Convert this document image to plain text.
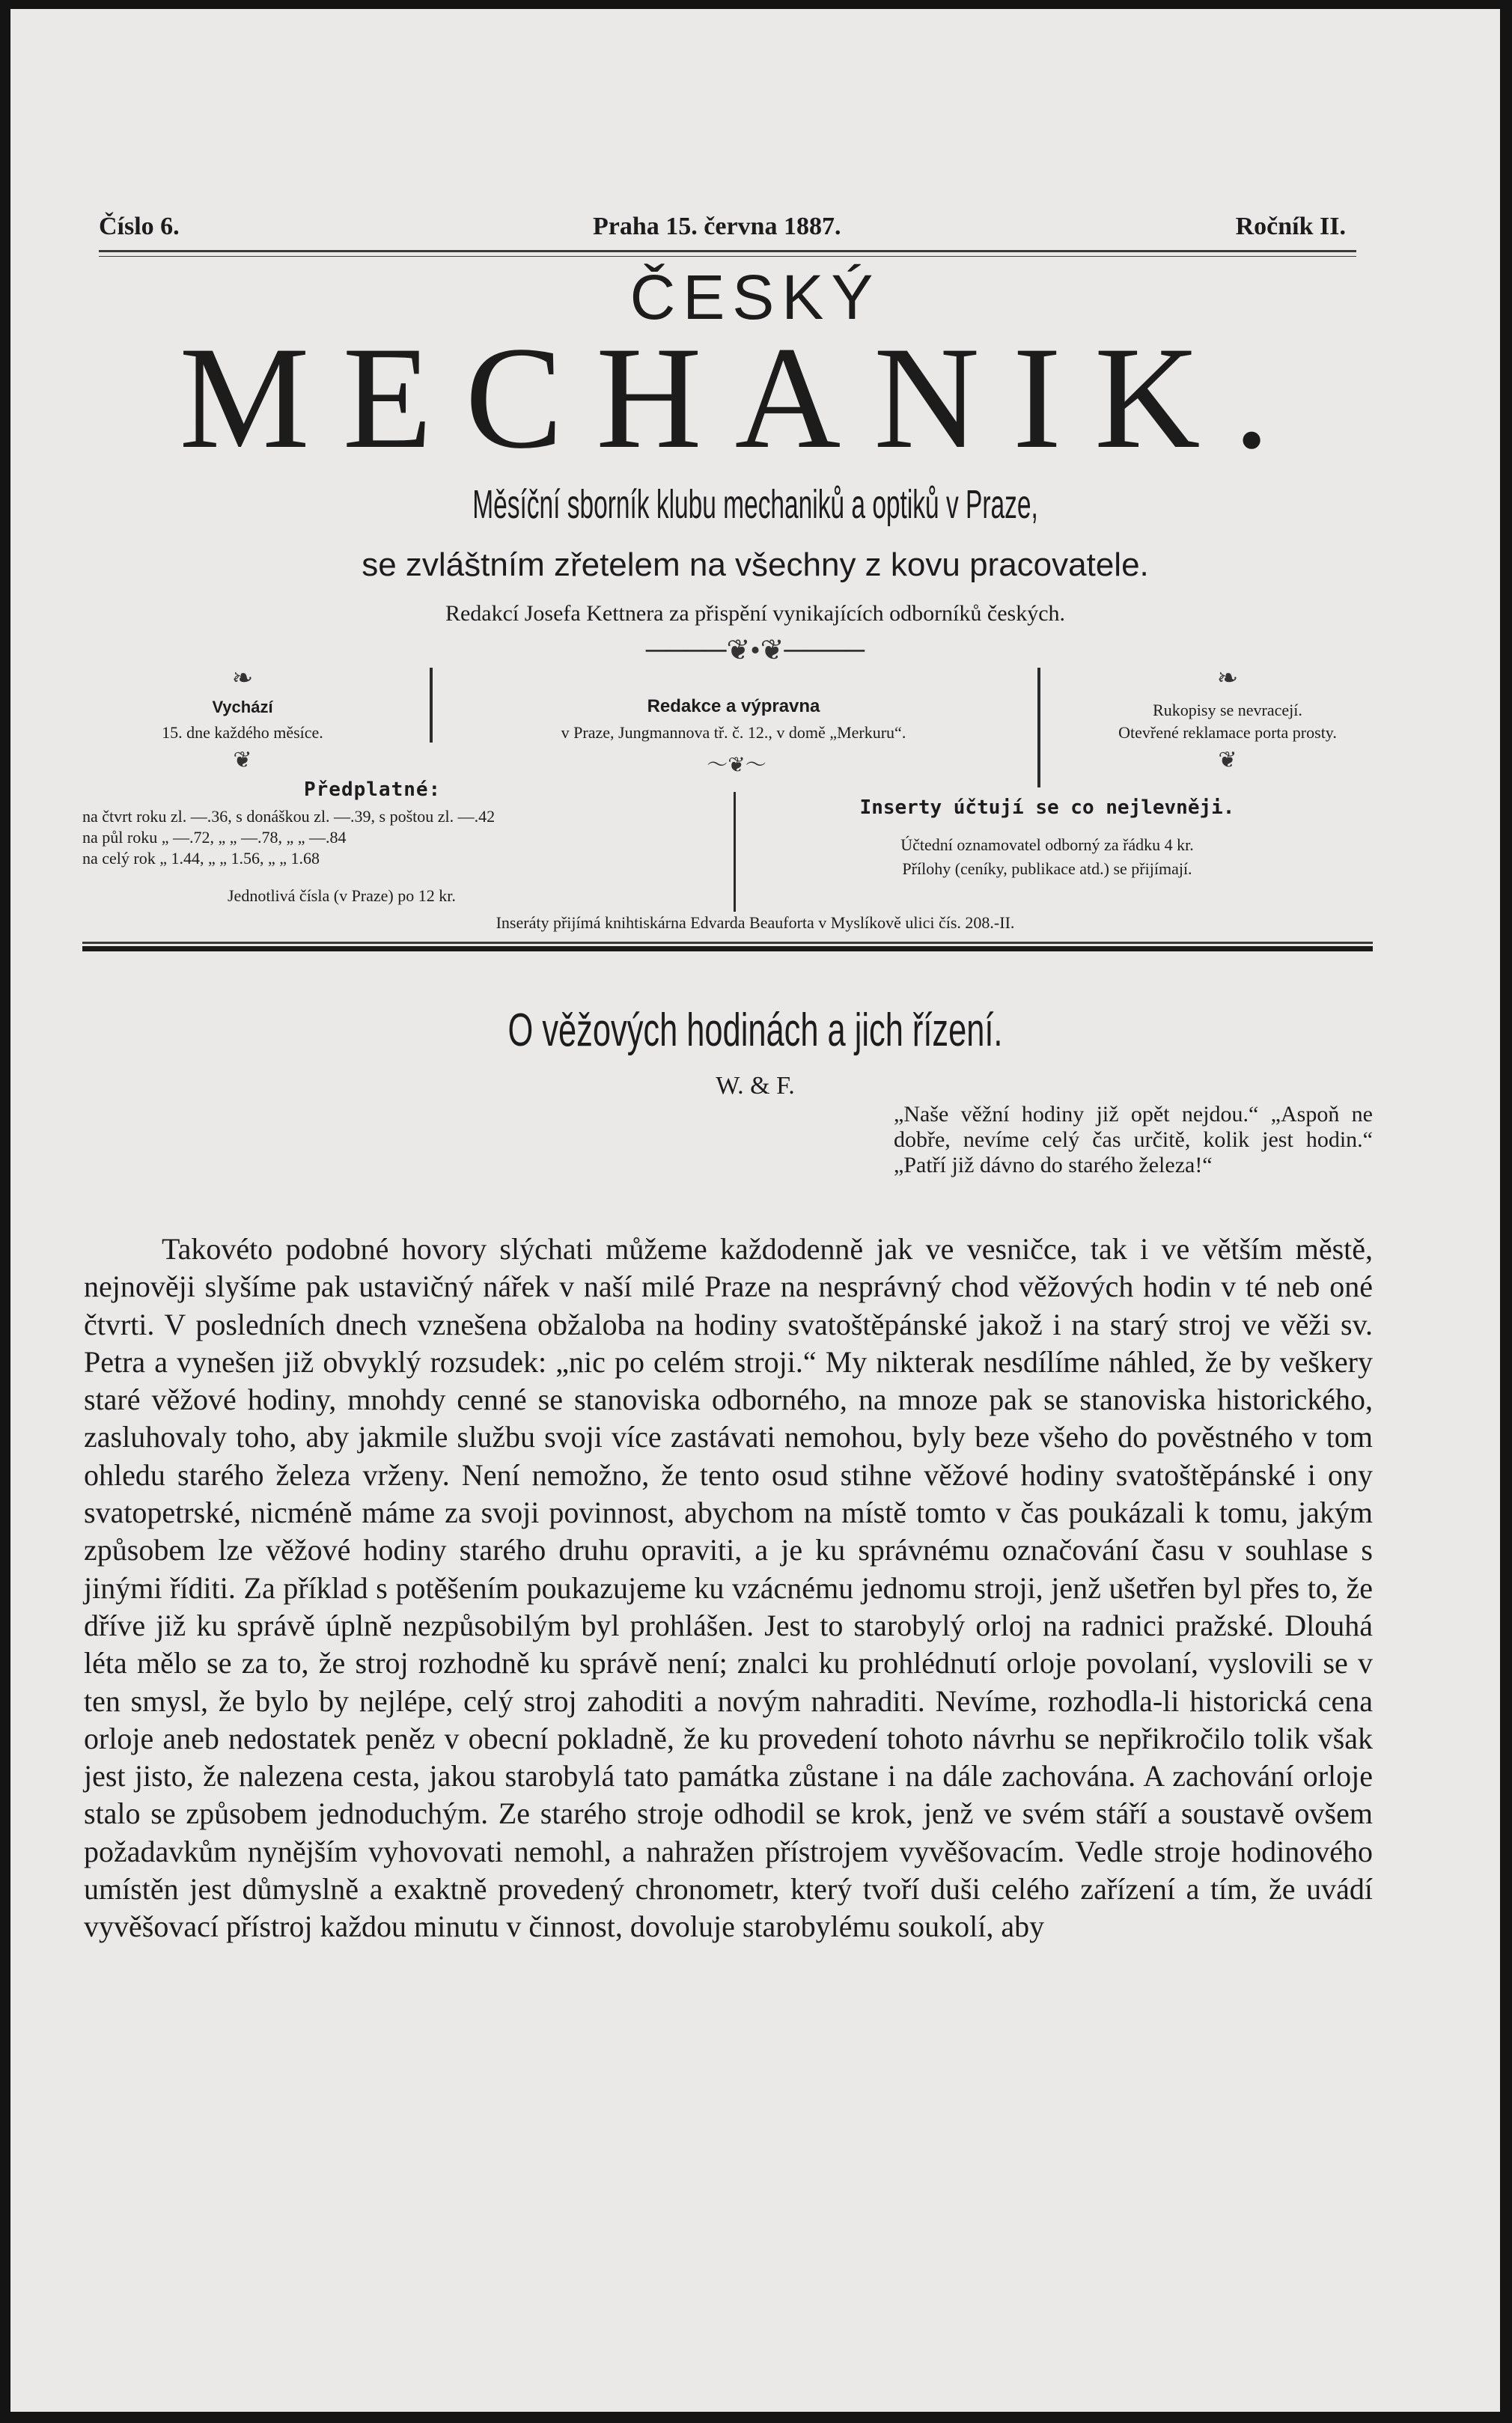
Číslo 6.	Praha 15. června 1887.	Ročník II.
ČESKÝ
MECHANIK.
Měsíční sborník klubu mechaniků a optiků v Praze,
se zvláštním zřetelem na všechny z kovu pracovatele.
Redakcí Josefa Kettnera za přispění vynikajících odborníků českých.
────❦•❦────
❧
Vychází
15. dne každého měsíce.
❦
Redakce a výpravna
v Praze, Jungmannova tř. č. 12., v domě „Merkuru“.
〜❦〜
❧
Rukopisy se nevracejí.
Otevřené reklamace porta prosty.
❦
Předplatné:
na čtvrt roku zl. —.36, s donáškou zl. —.39, s poštou zl. —.42
na půl roku „ —.72, „ „ —.78, „ „ —.84
na celý rok „ 1.44, „ „ 1.56, „ „ 1.68
Jednotlivá čísla (v Praze) po 12 kr.
Inserty účtují se co nejlevněji.
Účtední oznamovatel odborný za řádku 4 kr.
Přílohy (ceníky, publikace atd.) se přijímají.
Inseráty přijímá knihtiskárna Edvarda Beauforta v Myslíkově ulici čís. 208.-II.
O věžových hodinách a jich řízení.
W. & F.
„Naše věžní hodiny již opět nejdou.“ „Aspoň ne dobře, nevíme celý čas určitě, kolik jest hodin.“ „Patří již dávno do starého železa!“

Takovéto podobné hovory slýchati můžeme každodenně jak ve vesničce, tak i ve větším městě, nejnověji slyšíme pak ustavičný nářek v naší milé Praze na nesprávný chod věžových hodin v té neb oné čtvrti. V posledních dnech vznešena obžaloba na hodiny svatoštěpánské jakož i na starý stroj ve věži sv. Petra a vynešen již obvyklý rozsudek: „nic po celém stroji.“ My nikterak nesdílíme náhled, že by veškery staré věžové hodiny, mnohdy cenné se stanoviska odborného, na mnoze pak se stanoviska historického, zasluhovaly toho, aby jakmile službu svoji více zastávati nemohou, byly beze všeho do pověstného v tom ohledu starého železa vrženy. Není nemožno, že tento osud stihne věžové hodiny svatoštěpánské i ony svatopetrské, nicméně máme za svoji povinnost, abychom na místě tomto v čas poukázali k tomu, jakým způsobem lze věžové hodiny starého druhu opraviti, a je ku správnému označování času v souhlase s jinými říditi. Za příklad s potěšením poukazujeme ku vzácnému jednomu stroji, jenž ušetřen byl přes to, že dříve již ku správě úplně nezpůsobilým byl prohlášen. Jest to starobylý orloj na radnici pražské. Dlouhá léta mělo se za to, že stroj rozhodně ku správě není; znalci ku prohlédnutí orloje povolaní, vyslovili se v ten smysl, že bylo by nejlépe, celý stroj zahoditi a novým nahraditi. Nevíme, rozhodla-li historická cena orloje aneb nedostatek peněz v obecní pokladně, že ku provedení tohoto návrhu se nepřikročilo tolik však jest jisto, že nalezena cesta, jakou starobylá tato památka zůstane i na dále zachována. A zachování orloje stalo se způsobem jednoduchým. Ze starého stroje odhodil se krok, jenž ve svém stáří a soustavě ovšem požadavkům nynějším vyhovovati nemohl, a nahražen přístrojem vyvěšovacím. Vedle stroje hodinového umístěn jest důmyslně a exaktně provedený chronometr, který tvoří duši celého zařízení a tím, že uvádí vyvěšovací přístroj každou minutu v činnost, dovoluje starobylému soukolí, aby
